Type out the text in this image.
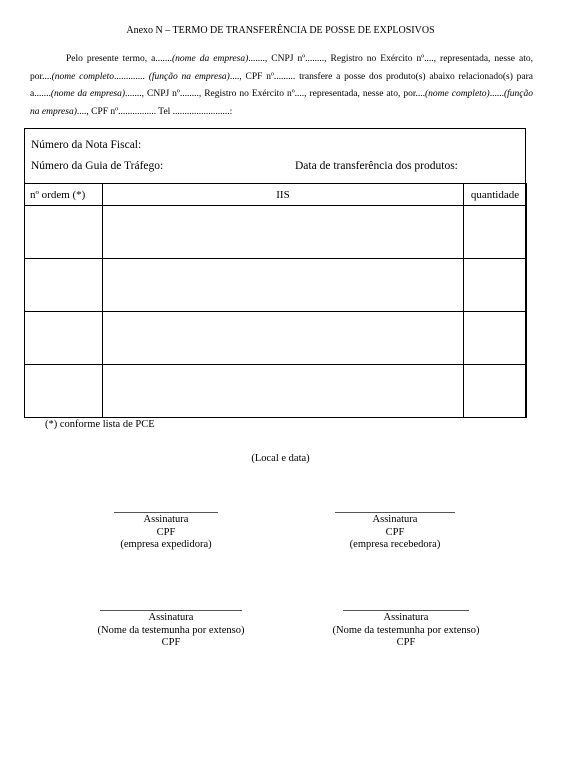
Anexo N – TERMO DE TRANSFERÊNCIA DE POSSE DE EXPLOSIVOS

Pelo presente termo, a.......(nome da empresa)......., CNPJ nº........, Registro no Exército nº...., representada, nesse ato, por....(nome completo............. (função na empresa)...., CPF nº......... transfere a posse dos produto(s) abaixo relacionado(s) para a.......(nome da empresa)......., CNPJ nº........, Registro no Exército nº...., representada, nesse ato, por....(nome completo)......(função na empresa)...., CPF nº................ Tel ........................:

Número da Nota Fiscal:
Número da Guia de Tráfego:	Data de transferência dos produtos:
nº ordem (*)	IIS	quantidade

(*) conforme lista de PCE
(Local e data)
Assinatura
CPF
(empresa expedidora)
Assinatura
CPF
(empresa recebedora)
Assinatura
(Nome da testemunha por extenso)
CPF
Assinatura
(Nome da testemunha por extenso)
CPF
